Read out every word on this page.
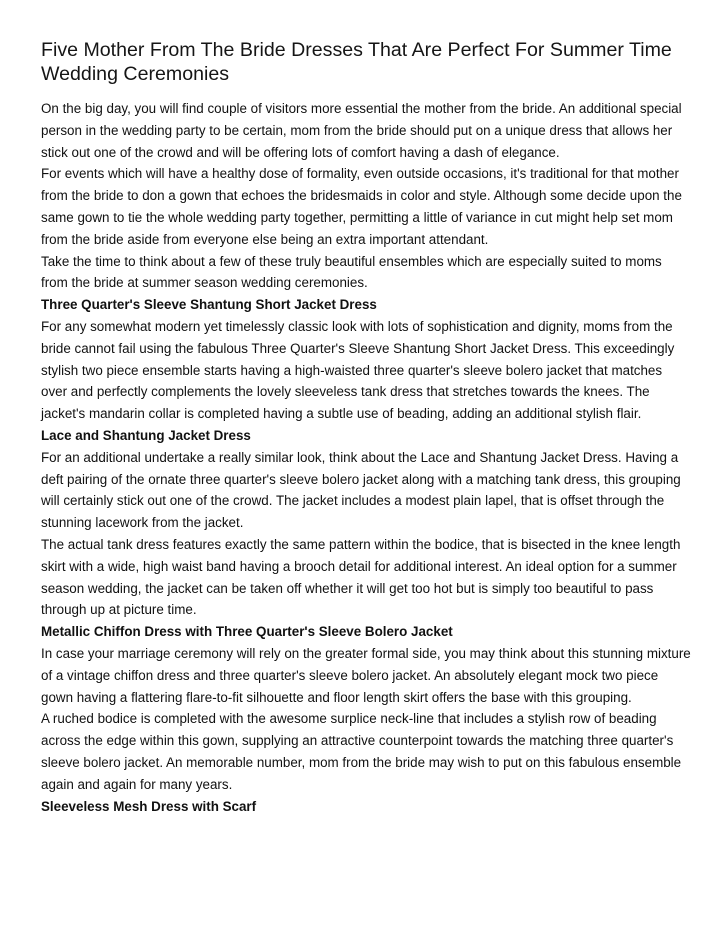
Five Mother From The Bride Dresses That Are Perfect For Summer Time Wedding Ceremonies

On the big day, you will find couple of visitors more essential the mother from the bride. An additional special person in the wedding party to be certain, mom from the bride should put on a unique dress that allows her stick out one of the crowd and will be offering lots of comfort having a dash of elegance.

For events which will have a healthy dose of formality, even outside occasions, it's traditional for that mother from the bride to don a gown that echoes the bridesmaids in color and style. Although some decide upon the same gown to tie the whole wedding party together, permitting a little of variance in cut might help set mom from the bride aside from everyone else being an extra important attendant.

Take the time to think about a few of these truly beautiful ensembles which are especially suited to moms from the bride at summer season wedding ceremonies.

Three Quarter's Sleeve Shantung Short Jacket Dress

For any somewhat modern yet timelessly classic look with lots of sophistication and dignity, moms from the bride cannot fail using the fabulous Three Quarter's Sleeve Shantung Short Jacket Dress. This exceedingly stylish two piece ensemble starts having a high-waisted three quarter's sleeve bolero jacket that matches over and perfectly complements the lovely sleeveless tank dress that stretches towards the knees. The jacket's mandarin collar is completed having a subtle use of beading, adding an additional stylish flair.

Lace and Shantung Jacket Dress

For an additional undertake a really similar look, think about the Lace and Shantung Jacket Dress. Having a deft pairing of the ornate three quarter's sleeve bolero jacket along with a matching tank dress, this grouping will certainly stick out one of the crowd. The jacket includes a modest plain lapel, that is offset through the stunning lacework from the jacket.

The actual tank dress features exactly the same pattern within the bodice, that is bisected in the knee length skirt with a wide, high waist band having a brooch detail for additional interest. An ideal option for a summer season wedding, the jacket can be taken off whether it will get too hot but is simply too beautiful to pass through up at picture time.

Metallic Chiffon Dress with Three Quarter's Sleeve Bolero Jacket

In case your marriage ceremony will rely on the greater formal side, you may think about this stunning mixture of a vintage chiffon dress and three quarter's sleeve bolero jacket. An absolutely elegant mock two piece gown having a flattering flare-to-fit silhouette and floor length skirt offers the base with this grouping.

A ruched bodice is completed with the awesome surplice neck-line that includes a stylish row of beading across the edge within this gown, supplying an attractive counterpoint towards the matching three quarter's sleeve bolero jacket. An memorable number, mom from the bride may wish to put on this fabulous ensemble again and again for many years.

Sleeveless Mesh Dress with Scarf
